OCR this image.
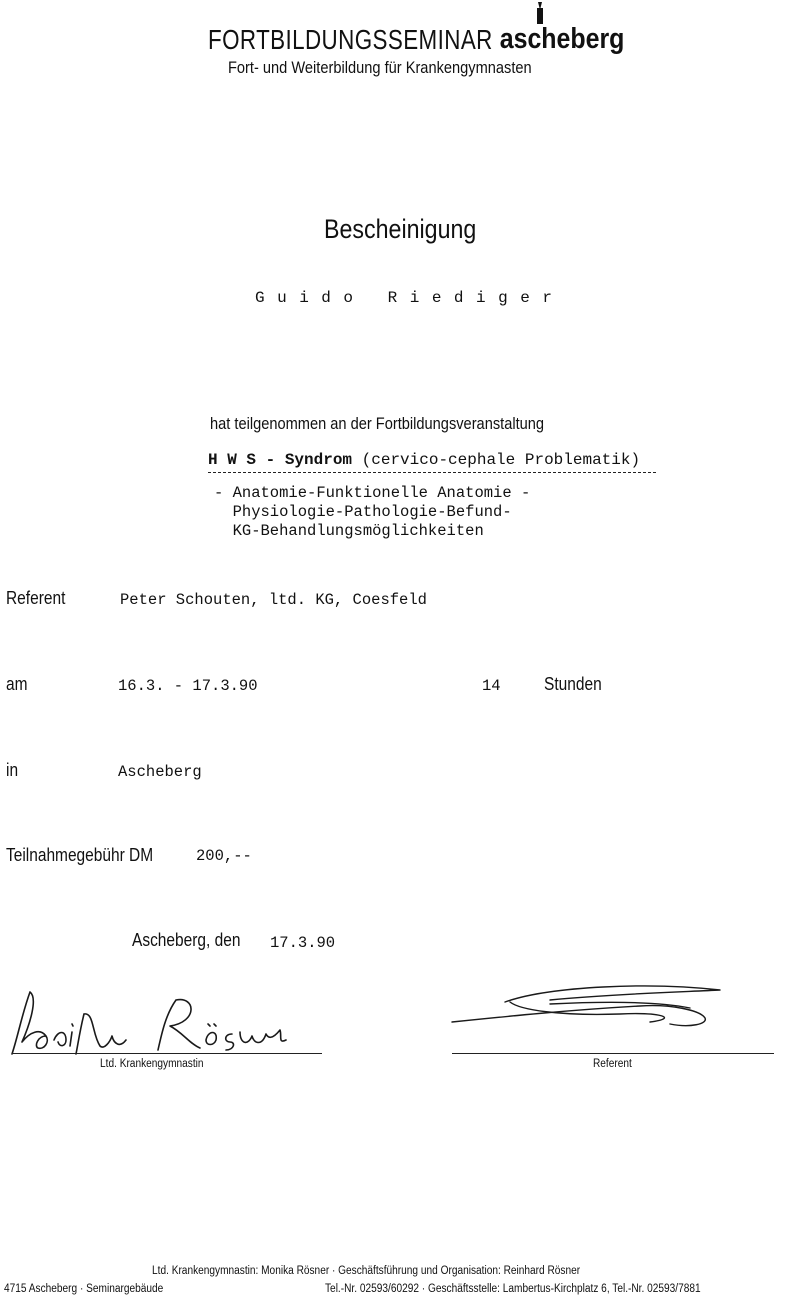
FORTBILDUNGSSEMINAR ascheberg
Fort- und Weiterbildung für Krankengymnasten
Bescheinigung
Guido Riediger
hat teilgenommen an der Fortbildungsveranstaltung
H W S - Syndrom (cervico-cephale Problematik)
- Anatomie-Funktionelle Anatomie -
Physiologie-Pathologie-Befund-
KG-Behandlungsmöglichkeiten
Referent	Peter Schouten, ltd. KG, Coesfeld
am	16.3. - 17.3.90	14 Stunden
in	Ascheberg
Teilnahmegebühr DM	200,--
Ascheberg, den 17.3.90
Ltd. Krankengymnastin	Referent
Ltd. Krankengymnastin: Monika Rösner · Geschäftsführung und Organisation: Reinhard Rösner
4715 Ascheberg · Seminargebäude	Tel.-Nr. 02593/60292 · Geschäftsstelle: Lambertus-Kirchplatz 6, Tel.-Nr. 02593/7881
